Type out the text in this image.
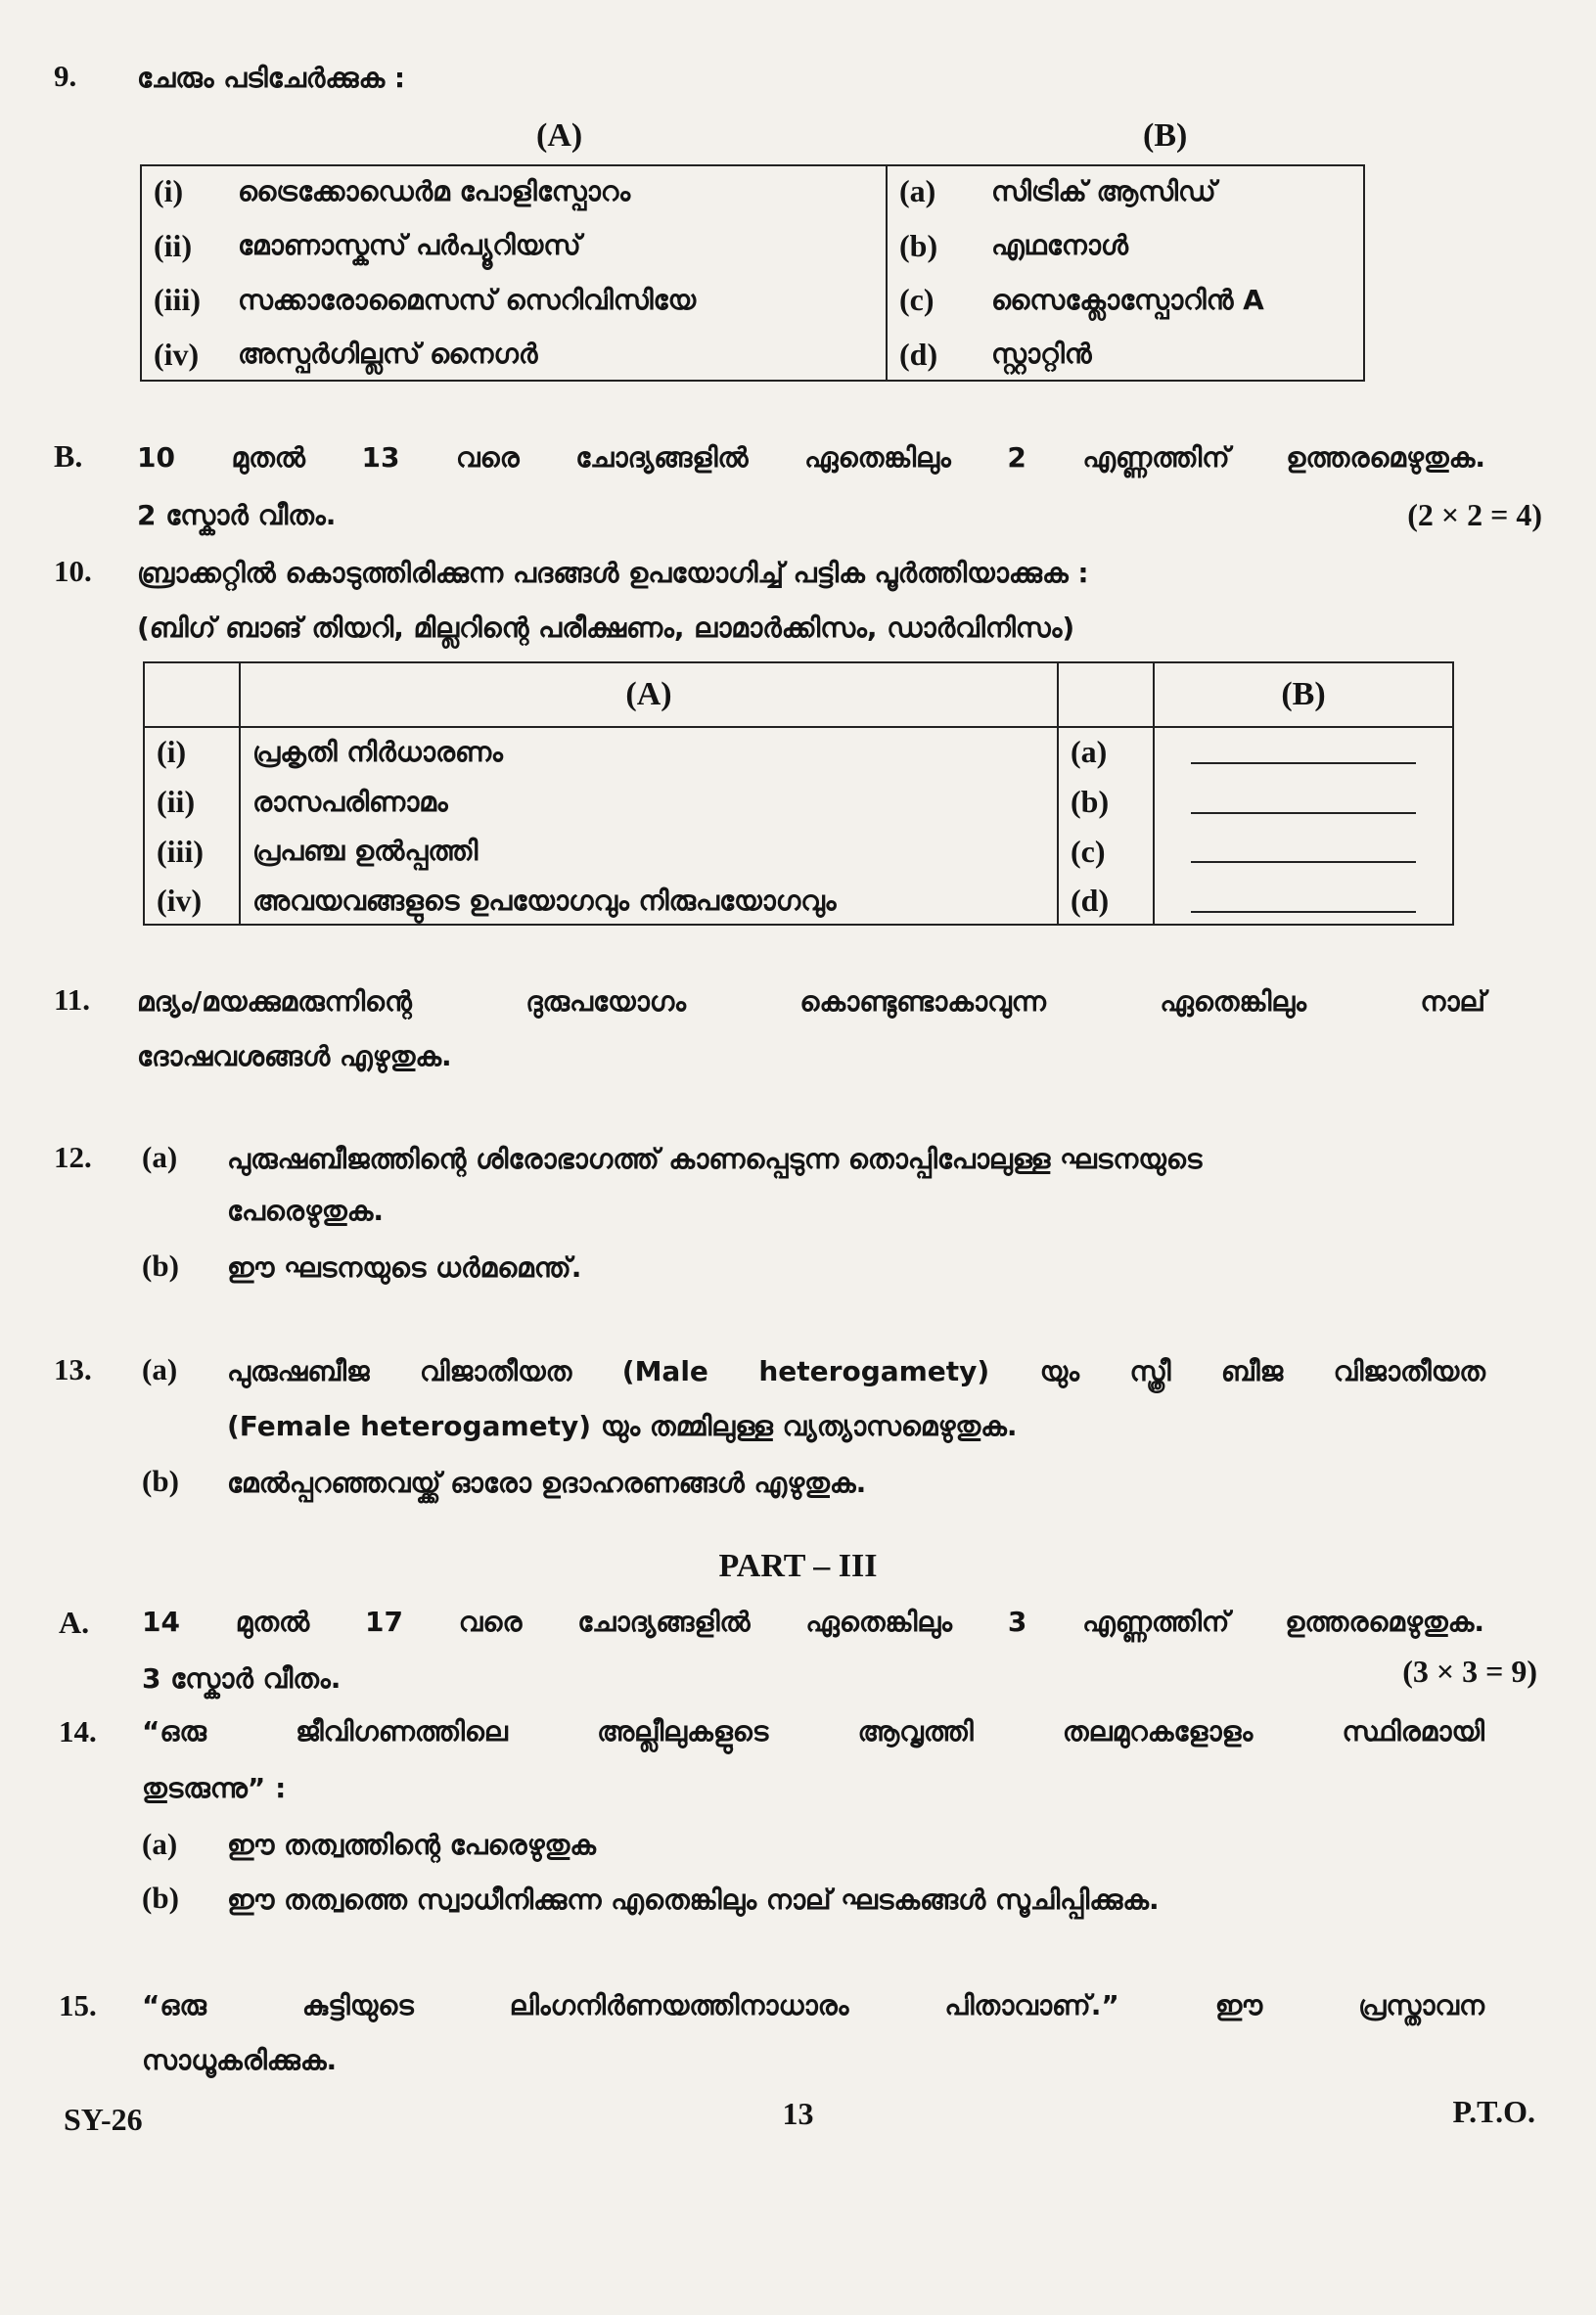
9. ചേരും പടിചേർക്കുക :
(A)	(B)
(i)	ട്രൈക്കോഡെർമ പോളിസ്പോറം	(a)	സിട്രിക് ആസിഡ്
(ii)	മോണാസ്കസ് പർപ്യൂറിയസ്	(b)	എഥനോൾ
(iii)	സക്കാരോമൈസസ് സെറിവിസിയേ	(c)	സൈക്ലോസ്പോറിൻ A
(iv)	അസ്പർഗില്ലസ് നൈഗർ	(d)	സ്റ്റാറ്റിൻ
B. 10 മുതൽ 13 വരെ ചോദ്യങ്ങളിൽ ഏതെങ്കിലും 2 എണ്ണത്തിന് ഉത്തരമെഴുതുക.
2 സ്കോർ വീതം.	(2 × 2 = 4)
10. ബ്രാക്കറ്റിൽ കൊടുത്തിരിക്കുന്ന പദങ്ങൾ ഉപയോഗിച്ച് പട്ടിക പൂർത്തിയാക്കുക :
(ബിഗ് ബാങ് തിയറി, മില്ലറിന്റെ പരീക്ഷണം, ലാമാർക്കിസം, ഡാർവിനിസം)
	(A)		(B)
(i)	പ്രകൃതി നിർധാരണം	(a)	
(ii)	രാസപരിണാമം	(b)	
(iii)	പ്രപഞ്ച ഉൽപ്പത്തി	(c)	
(iv)	അവയവങ്ങളുടെ ഉപയോഗവും നിരുപയോഗവും	(d)	
11. മദ്യം/മയക്കുമരുന്നിന്റെ ദുരുപയോഗം കൊണ്ടുണ്ടാകാവുന്ന ഏതെങ്കിലും നാല്
ദോഷവശങ്ങൾ എഴുതുക.
12. (a) പുരുഷബീജത്തിന്റെ ശിരോഭാഗത്ത് കാണപ്പെടുന്ന തൊപ്പിപോലുള്ള ഘടനയുടെ
പേരെഴുതുക.
(b) ഈ ഘടനയുടെ ധർമമെന്ത്.
13. (a) പുരുഷബീജ വിജാതീയത (Male heterogamety) യും സ്ത്രീ ബീജ വിജാതീയത
(Female heterogamety) യും തമ്മിലുള്ള വ്യത്യാസമെഴുതുക.
(b) മേൽപ്പറഞ്ഞവയ്ക്ക് ഓരോ ഉദാഹരണങ്ങൾ എഴുതുക.
PART – III
A. 14 മുതൽ 17 വരെ ചോദ്യങ്ങളിൽ ഏതെങ്കിലും 3 എണ്ണത്തിന് ഉത്തരമെഴുതുക.
3 സ്കോർ വീതം.	(3 × 3 = 9)
14. “ഒരു ജീവിഗണത്തിലെ അല്ലീലുകളുടെ ആവൃത്തി തലമുറകളോളം സ്ഥിരമായി
തുടരുന്നു” :
(a) ഈ തത്വത്തിന്റെ പേരെഴുതുക
(b) ഈ തത്വത്തെ സ്വാധീനിക്കുന്ന എതെങ്കിലും നാല് ഘടകങ്ങൾ സൂചിപ്പിക്കുക.
15. “ഒരു കുട്ടിയുടെ ലിംഗനിർണയത്തിനാധാരം പിതാവാണ്.” ഈ പ്രസ്താവന
സാധൂകരിക്കുക.
SY-26	13	P.T.O.
